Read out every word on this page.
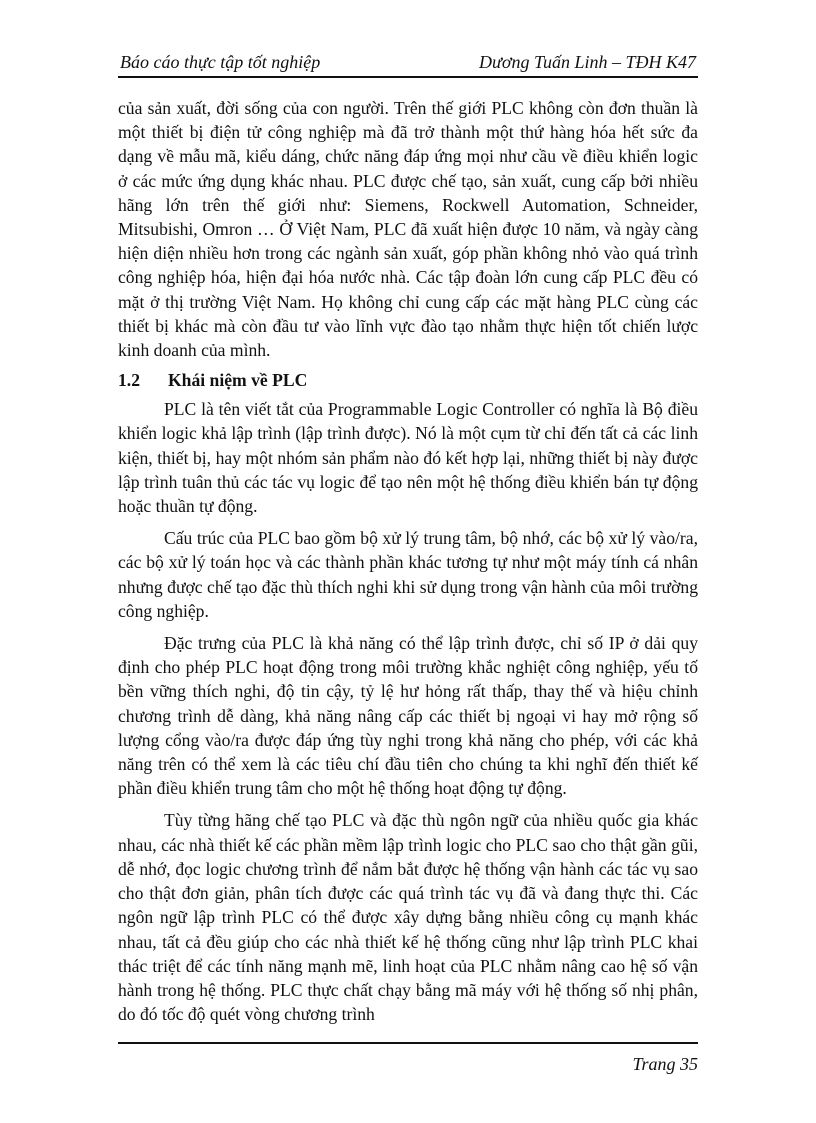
Báo cáo thực tập tốt nghiệp	Dương Tuấn Linh – TĐH K47

của sản xuất, đời sống của con người. Trên thế giới PLC không còn đơn thuần là một thiết bị điện tử công nghiệp mà đã trở thành một thứ hàng hóa hết sức đa dạng về mẫu mã, kiểu dáng, chức năng đáp ứng mọi như cầu về điều khiển logic ở các mức ứng dụng khác nhau. PLC được chế tạo, sản xuất, cung cấp bởi nhiều hãng lớn trên thế giới như: Siemens, Rockwell Automation, Schneider, Mitsubishi, Omron … Ở Việt Nam, PLC đã xuất hiện được 10 năm, và ngày càng hiện diện nhiều hơn trong các ngành sản xuất, góp phần không nhỏ vào quá trình công nghiệp hóa, hiện đại hóa nước nhà. Các tập đoàn lớn cung cấp PLC đều có mặt ở thị trường Việt Nam. Họ không chỉ cung cấp các mặt hàng PLC cùng các thiết bị khác mà còn đầu tư vào lĩnh vực đào tạo nhằm thực hiện tốt chiến lược kinh doanh của mình.

1.2 Khái niệm về PLC

PLC là tên viết tắt của Programmable Logic Controller có nghĩa là Bộ điều khiển logic khả lập trình (lập trình được). Nó là một cụm từ chỉ đến tất cả các linh kiện, thiết bị, hay một nhóm sản phẩm nào đó kết hợp lại, những thiết bị này được lập trình tuân thủ các tác vụ logic để tạo nên một hệ thống điều khiển bán tự động hoặc thuần tự động.

Cấu trúc của PLC bao gồm bộ xử lý trung tâm, bộ nhớ, các bộ xử lý vào/ra, các bộ xử lý toán học và các thành phần khác tương tự như một máy tính cá nhân nhưng được chế tạo đặc thù thích nghi khi sử dụng trong vận hành của môi trường công nghiệp.

Đặc trưng của PLC là khả năng có thể lập trình được, chỉ số IP ở dải quy định cho phép PLC hoạt động trong môi trường khắc nghiệt công nghiệp, yếu tố bền vững thích nghi, độ tin cậy, tỷ lệ hư hỏng rất thấp, thay thế và hiệu chỉnh chương trình dễ dàng, khả năng nâng cấp các thiết bị ngoại vi hay mở rộng số lượng cổng vào/ra được đáp ứng tùy nghi trong khả năng cho phép, với các khả năng trên có thể xem là các tiêu chí đầu tiên cho chúng ta khi nghĩ đến thiết kế phần điều khiển trung tâm cho một hệ thống hoạt động tự động.

Tùy từng hãng chế tạo PLC và đặc thù ngôn ngữ của nhiều quốc gia khác nhau, các nhà thiết kế các phần mềm lập trình logic cho PLC sao cho thật gần gũi, dễ nhớ, đọc logic chương trình để nắm bắt được hệ thống vận hành các tác vụ sao cho thật đơn giản, phân tích được các quá trình tác vụ đã và đang thực thi. Các ngôn ngữ lập trình PLC có thể được xây dựng bằng nhiều công cụ mạnh khác nhau, tất cả đều giúp cho các nhà thiết kế hệ thống cũng như lập trình PLC khai thác triệt để các tính năng mạnh mẽ, linh hoạt của PLC nhằm nâng cao hệ số vận hành trong hệ thống. PLC thực chất chạy bằng mã máy với hệ thống số nhị phân, do đó tốc độ quét vòng chương trình

Trang 35
